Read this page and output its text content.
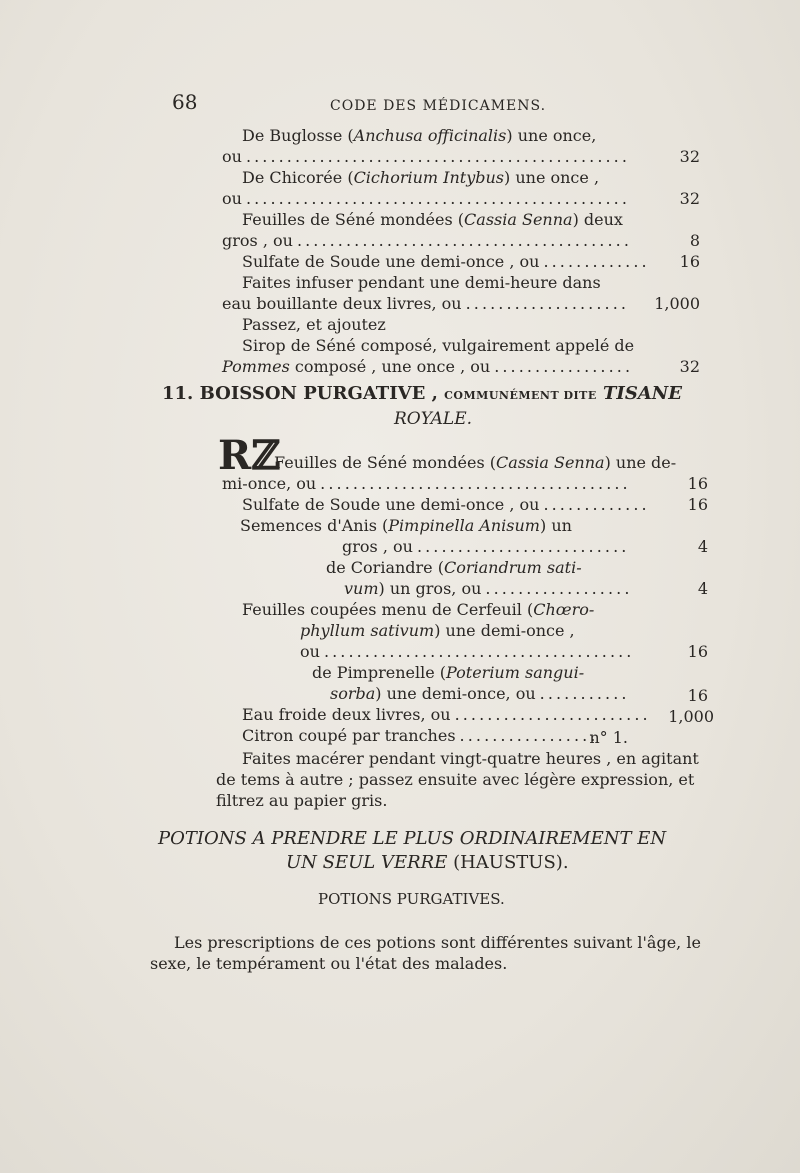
68	CODE DES MÉDICAMENS.
De Buglosse (Anchusa officinalis) une once,
ou . . .	32
De Chicorée (Cichorium Intybus) une once ,
ou . . .	32
Feuilles de Séné mondées (Cassia Senna) deux
gros , ou . . .	8
Sulfate de Soude une demi-once , ou . . .	16
Faites infuser pendant une demi-heure dans
eau bouillante deux livres, ou . . .	1,000
Passez, et ajoutez
Sirop de Séné composé, vulgairement appelé de
Pommes composé , une once , ou . . .	32
11. BOISSON PURGATIVE , COMMUNÉMENT DITE TISANE
ROYALE.
Rℤ
Feuilles de Séné mondées (Cassia Senna) une de-
mi-once, ou . . .	16
Sulfate de Soude une demi-once , ou . . .	16
Semences d'Anis (Pimpinella Anisum) un
gros , ou . . .	4
de Coriandre (Coriandrum sati-
vum) un gros, ou . . .	4
Feuilles coupées menu de Cerfeuil (Chœro-
phyllum sativum) une demi-once ,
ou . . .	16
de Pimprenelle (Poterium sangui-
sorba) une demi-once, ou . . .	16
Eau froide deux livres, ou . . .	1,000
Citron coupé par tranches . . .	n° 1.
Faites macérer pendant vingt-quatre heures , en agitant de tems à autre ; passez ensuite avec légère expression, et filtrez au papier gris.
POTIONS A PRENDRE LE PLUS ORDINAIREMENT EN
UN SEUL VERRE (HAUSTUS).
POTIONS PURGATIVES.
Les prescriptions de ces potions sont différentes suivant l'âge, le sexe, le tempérament ou l'état des malades.
